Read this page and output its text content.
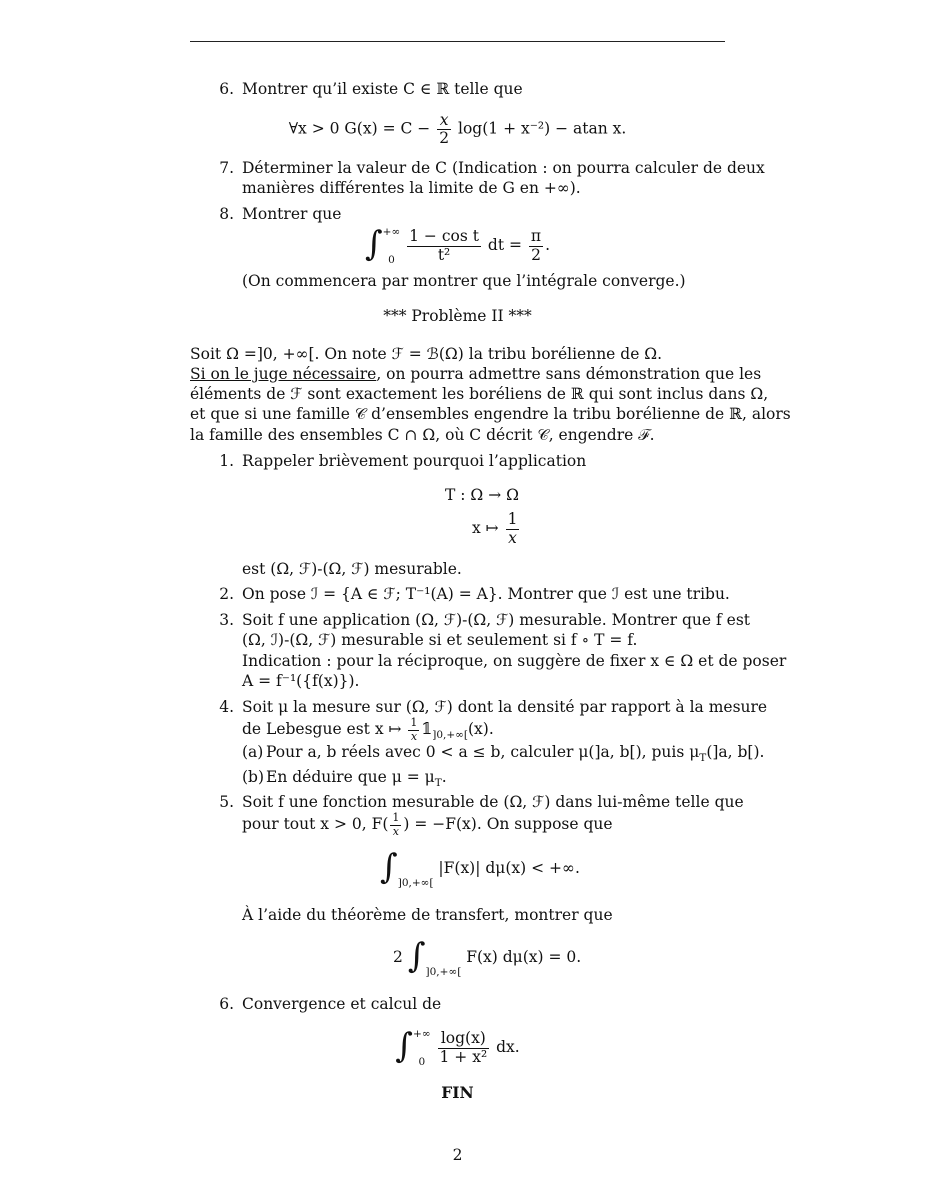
6. Montrer qu’il existe C ∈ ℝ telle que
∀x > 0 $G(x) = C - \frac{x}{2} \log(1 + x^{-2}) - atan$ x.
7. Déterminer la valeur de C (Indication : on pourra calculer de deux
manières différentes la limite de G en +∞).
8. Montrer que
∫ +∞
0
$\frac{\text{1 − cos t}}{\text{t²}}$ dt = $\frac{\pi}{2}$ .
(On commencera par montrer que l’intégrale converge.)
*** Problème II ***
Soit Ω =]0, +∞[. On note ℱ = ℬ(Ω) la tribu borélienne de Ω.
Si on le juge nécessaire, on pourra admettre sans démonstration que les
éléments de ℱ sont exactement les boréliens de ℝ qui sont inclus dans Ω,
et que si une famille 𝒞 d’ensembles engendre la tribu borélienne de ℝ, alors
la famille des ensembles C ∩ Ω, où C décrit 𝒞, engendre ℱ.
1. Rappeler brièvement pourquoi l’application
T : Ω → Ω
x ↦ $\frac{1}{x}$
est (Ω, ℱ)-(Ω, ℱ) mesurable.
2. On pose ℐ = {A ∈ ℱ; T⁻¹(A) = A}. Montrer que ℐ est une tribu.
3. Soit f une application (Ω, ℱ)-(Ω, ℱ) mesurable. Montrer que f est
(Ω, ℐ)-(Ω, ℱ) mesurable si et seulement si f ∘ T = f.
Indication : pour la réciproque, on suggère de fixer x ∈ Ω et de poser
A = f⁻¹({f(x)}).
4. Soit μ la mesure sur (Ω, ℱ) dont la densité par rapport à la mesure
de Lebesgue est x ↦ $\frac{1}{x}$ $𝟙_{]0,+\infty[}(x)$.
(a) Pour a, b réels avec 0 < a ≤ b, calculer μ(]a, b[), puis $\mu_T(]a$, b[).
(b) En déduire que $\mu = \mu_T$.
5. Soit f une fonction mesurable de (Ω, ℱ) dans lui-même telle que
pour tout x > 0, $F( \frac{1}{x}$ ) = −F(x). On suppose que
∫]0,+∞[ |F(x)| dμ(x) < +∞.
À l’aide du théorème de transfert, montrer que
2 ∫]0,+∞[ F(x) dμ(x) = 0.
6. Convergence et calcul de
∫ +∞
0
$\frac{\log(x)}{\text{1 + x²}}$ dx.
FIN
2
